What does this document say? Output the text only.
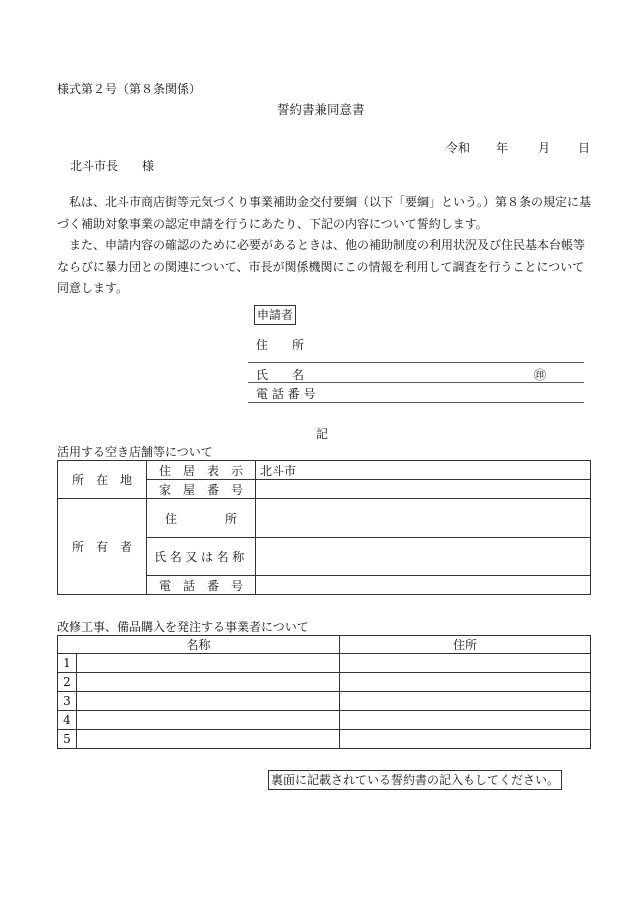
様式第２号（第８条関係）
誓約書兼同意書
令和 年 月 日
北斗市長　　様
私は、北斗市商店街等元気づくり事業補助金交付要綱（以下「要綱」という。）第８条の規定に基づく補助対象事業の認定申請を行うにあたり、下記の内容について誓約します。
また、申請内容の確認のために必要があるときは、他の補助制度の利用状況及び住民基本台帳等ならびに暴力団との関連について、市長が関係機関にこの情報を利用して調査を行うことについて同意します。
申請者
住　　所
氏　　名	㊞
電 話 番 号
記
活用する空き店舗等について
所　在　地	住　居　表　示	北斗市
	家　屋　番　号	
所　有　者	住　　　　所	
	氏名又は名称	
	電　話　番　号	
改修工事、備品購入を発注する事業者について
名称		住所
1		
2		
3		
4		
5		
裏面に記載されている誓約書の記入もしてください。
